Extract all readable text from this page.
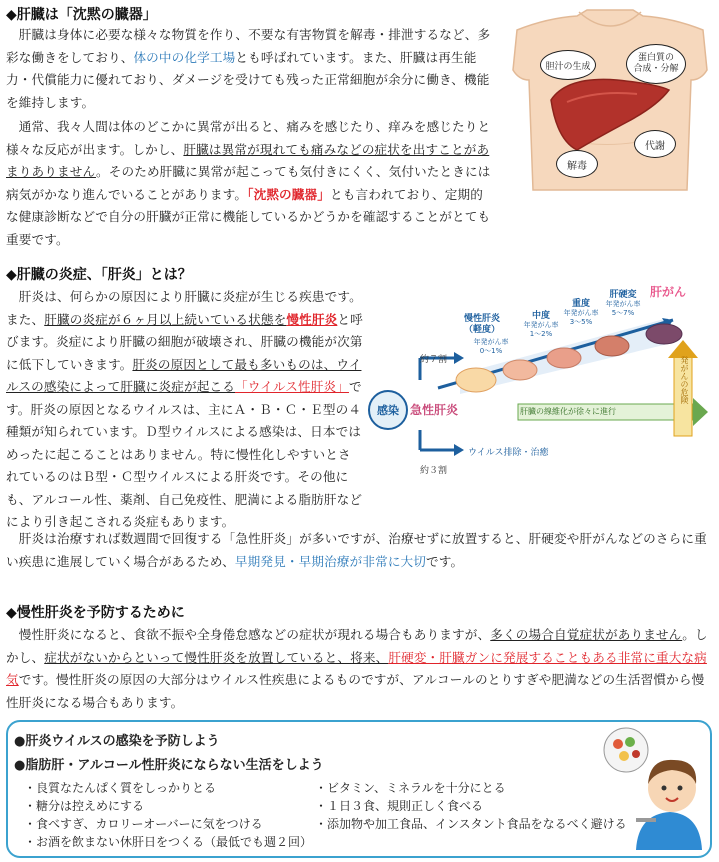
◆肝臓は「沈黙の臓器」
　肝臓は身体に必要な様々な物質を作り、不要な有害物質を解毒・排泄するなど、多彩な働きをしており、体の中の化学工場とも呼ばれています。また、肝臓は再生能力・代償能力に優れており、ダメージを受けても残った正常細胞が余分に働き、機能を維持します。
　通常、我々人間は体のどこかに異常が出ると、痛みを感じたり、痒みを感じたりと様々な反応が出ます。しかし、肝臓は異常が現れても痛みなどの症状を出すことがあまりありません。そのため肝臓に異常が起こっても気付きにくく、気付いたときには病気がかなり進んでいることがあります。「沈黙の臓器」とも言われており、定期的な健康診断などで自分の肝臓が正常に機能しているかどうかを確認することがとても重要です。
胆汁の生成
蛋白質の
合成・分解
解毒
代謝
◆肝臓の炎症、「肝炎」とは？
　肝炎は、何らかの原因により肝臓に炎症が生じる疾患です。また、肝臓の炎症が６ヶ月以上続いている状態を慢性肝炎と呼びます。炎症により肝臓の細胞が破壊され、肝臓の機能が次第に低下していきます。肝炎の原因として最も多いものは、ウイルスの感染によって肝臓に炎症が起こる「ウイルス性肝炎」です。肝炎の原因となるウイルスは、主にＡ・Ｂ・Ｃ・Ｅ型の４種類が知られています。Ｄ型ウイルスによる感染は、日本ではめったに起こることはありません。特に慢性化しやすいとされているのはＢ型・Ｃ型ウイルスによる肝炎です。その他にも、アルコール性、薬剤、自己免疫性、肥満による脂肪肝などにより引き起こされる炎症もあります。
　肝炎は治療すれば数週間で回復する「急性肝炎」が多いですが、治療せずに放置すると、肝硬変や肝がんなどのさらに重い疾患に進展していく場合があるため、早期発見・早期治療が非常に大切です。
感染 急性肝炎
約７割
約３割
ウイルス排除・治癒
肝臓の線維化が徐々に進行
発がんの危険
慢性肝炎
（軽度）
年発がん率
0〜1%
中度
年発がん率
1〜2%
重度
年発がん率
3〜5%
肝硬変
年発がん率
5〜7%
肝がん
◆慢性肝炎を予防するために
　慢性肝炎になると、食欲不振や全身倦怠感などの症状が現れる場合もありますが、多くの場合自覚症状がありません。しかし、症状がないからといって慢性肝炎を放置していると、将来、肝硬変・肝臓ガンに発展することもある非常に重大な病気です。慢性肝炎の原因の大部分はウイルス性疾患によるものですが、アルコールのとりすぎや肥満などの生活習慣から慢性肝炎になる場合もあります。
●肝炎ウイルスの感染を予防しよう
●脂肪肝・アルコール性肝炎にならない生活をしよう
・良質なたんぱく質をしっかりとる
・糖分は控えめにする
・食べすぎ、カロリーオーバーに気をつける
・お酒を飲まない休肝日をつくる（最低でも週２回）
・ビタミン、ミネラルを十分にとる
・１日３食、規則正しく食べる
・添加物や加工食品、インスタント食品をなるべく避ける
